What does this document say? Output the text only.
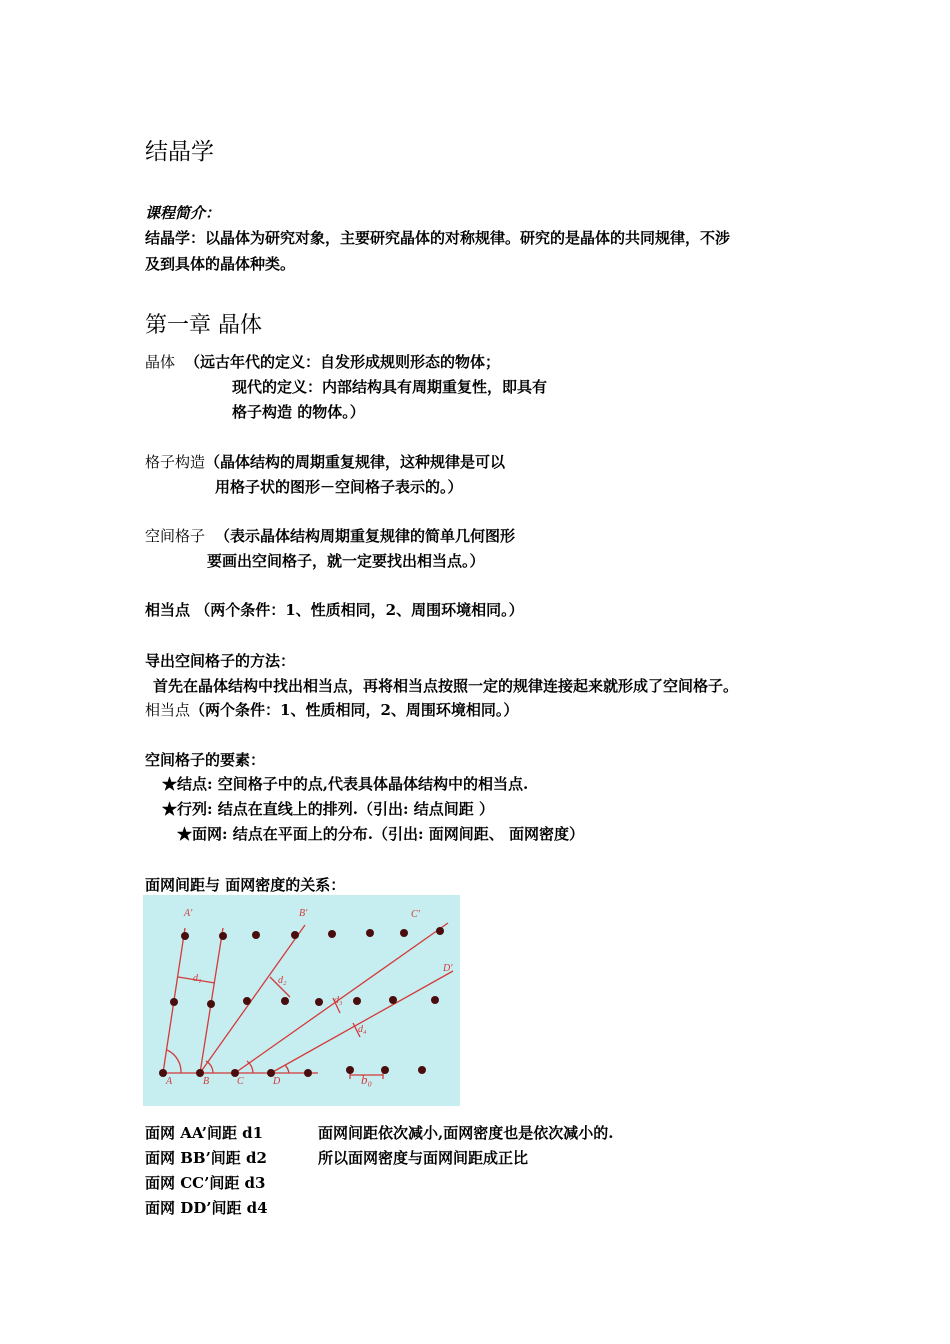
结晶学
课程简介：
结晶学：以晶体为研究对象，主要研究晶体的对称规律。研究的是晶体的共同规律，不涉
及到具体的晶体种类。
第一章 晶体
晶体 （远古年代的定义：自发形成规则形态的物体；
现代的定义：内部结构具有周期重复性，即具有
格子构造 的物体。）
格子构造（晶体结构的周期重复规律，这种规律是可以
用格子状的图形－空间格子表示的。）
空间格子 （表示晶体结构周期重复规律的简单几何图形
要画出空间格子，就一定要找出相当点。）
相当点 （两个条件：1、性质相同，2、周围环境相同。）
导出空间格子的方法：
首先在晶体结构中找出相当点，再将相当点按照一定的规律连接起来就形成了空间格子。
相当点（两个条件：1、性质相同，2、周围环境相同。）
空间格子的要素：
★结点: 空间格子中的点,代表具体晶体结构中的相当点.
★行列: 结点在直线上的排列.（引出: 结点间距 ）
★面网: 结点在平面上的分布.（引出: 面网间距、 面网密度）
面网间距与 面网密度的关系：
A'	B'	C'
D'
A	B	C	D
d₁	d₂
d₃
d₄
b₀
面网 AA’间距 d1
面网 BB’间距 d2
面网 CC’间距 d3
面网 DD’间距 d4
面网间距依次减小,面网密度也是依次减小的.
所以面网密度与面网间距成正比
